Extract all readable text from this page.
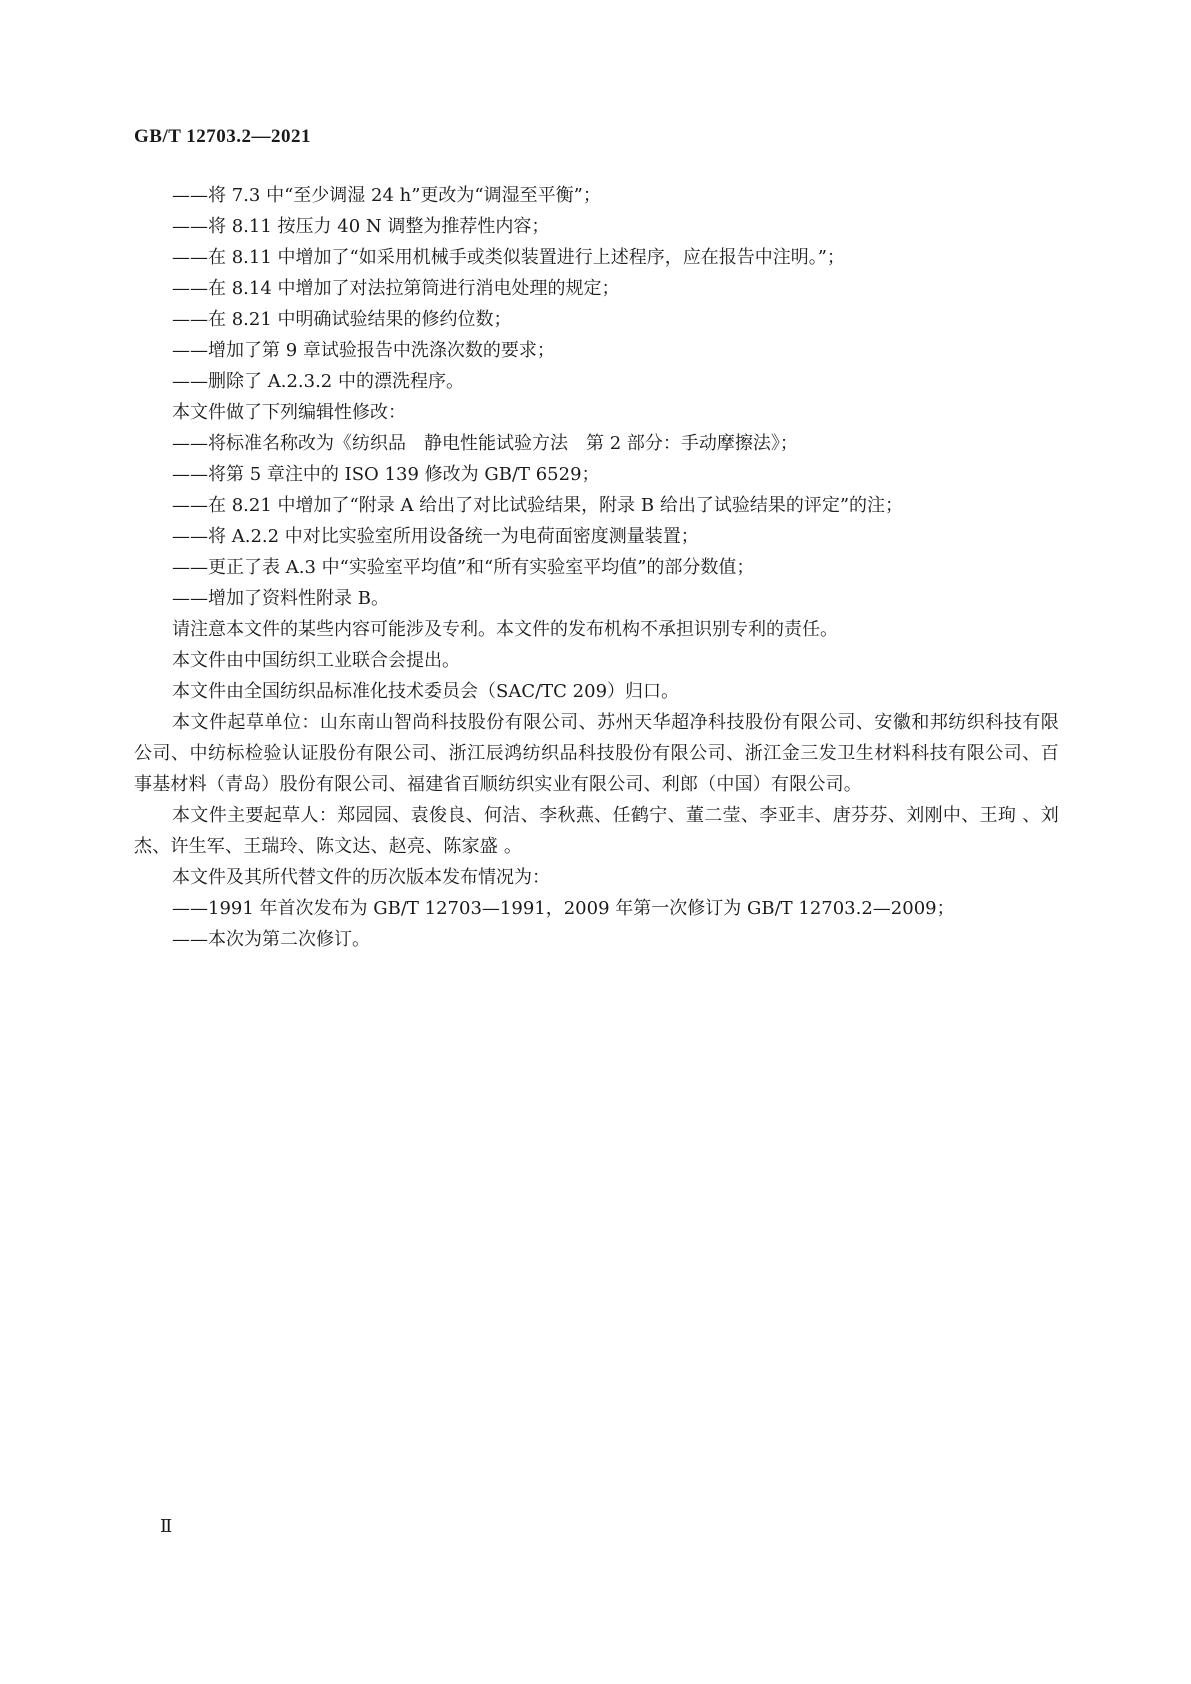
GB/T 12703.2—2021

——将 7.3 中“至少调湿 24 h”更改为“调湿至平衡”；

——将 8.11 按压力 40 N 调整为推荐性内容；

——在 8.11 中增加了“如采用机械手或类似装置进行上述程序，应在报告中注明。”；

——在 8.14 中增加了对法拉第筒进行消电处理的规定；

——在 8.21 中明确试验结果的修约位数；

——增加了第 9 章试验报告中洗涤次数的要求；

——删除了 A.2.3.2 中的漂洗程序。

本文件做了下列编辑性修改：

——将标准名称改为《纺织品　静电性能试验方法　第 2 部分：手动摩擦法》；

——将第 5 章注中的 ISO 139 修改为 GB/T 6529；

——在 8.21 中增加了“附录 A 给出了对比试验结果，附录 B 给出了试验结果的评定”的注；

——将 A.2.2 中对比实验室所用设备统一为电荷面密度测量装置；

——更正了表 A.3 中“实验室平均值”和“所有实验室平均值”的部分数值；

——增加了资料性附录 B。

请注意本文件的某些内容可能涉及专利。本文件的发布机构不承担识别专利的责任。

本文件由中国纺织工业联合会提出。

本文件由全国纺织品标准化技术委员会（SAC/TC 209）归口。

本文件起草单位：山东南山智尚科技股份有限公司、苏州天华超净科技股份有限公司、安徽和邦纺织科技有限公司、中纺标检验认证股份有限公司、浙江辰鸿纺织品科技股份有限公司、浙江金三发卫生材料科技有限公司、百事基材料（青岛）股份有限公司、福建省百顺纺织实业有限公司、利郎（中国）有限公司。

本文件主要起草人：郑园园、袁俊良、何洁、李秋燕、任鹤宁、董二莹、李亚丰、唐芬芬、刘刚中、王珣 、刘杰、许生军、王瑞玲、陈文达、赵亮、陈家盛 。

本文件及其所代替文件的历次版本发布情况为：

——1991 年首次发布为 GB/T 12703—1991，2009 年第一次修订为 GB/T 12703.2—2009；

——本次为第二次修订。

Ⅱ
